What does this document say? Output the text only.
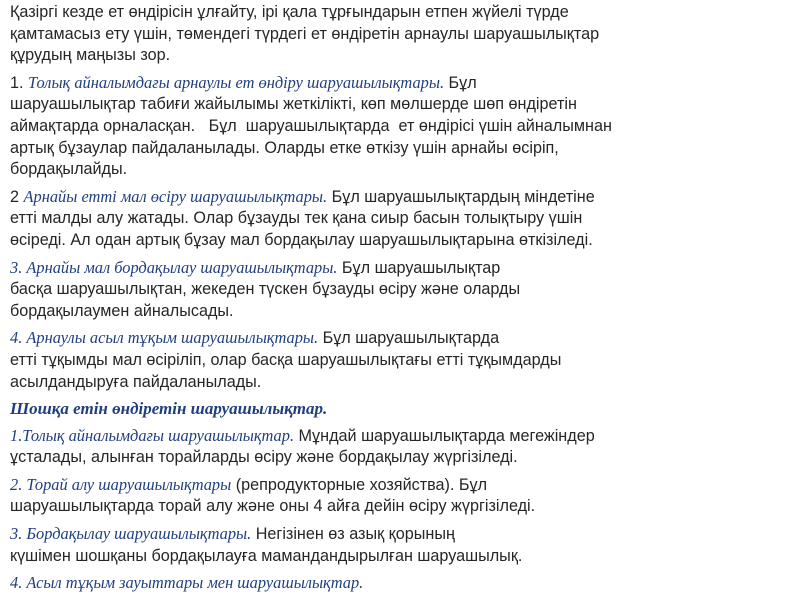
Қазіргі кезде ет өндірісін ұлғайту, ірі қала тұрғындарын етпен жүйелі түрде
қамтамасыз ету үшін, төмендегі түрдегі ет өндіретін арнаулы шаруашылықтар
құрудың маңызы зор.
1. Толық айналымдағы арнаулы ет өндіру шаруашылықтары. Бұл
шаруашылықтар табиғи жайылымы жеткілікті, көп мөлшерде шөп өндіретін
аймақтарда орналасқан.   Бұл  шаруашылықтарда  ет өндірісі үшін айналымнан
артық бұзаулар пайдаланылады. Оларды етке өткізу үшін арнайы өсіріп,
бордақылайды.
2 Арнайы етті мал өсіру шаруашылықтары. Бұл шаруашылықтардың міндетіне
етті малды алу жатады. Олар бұзауды тек қана сиыр басын толықтыру үшін
өсіреді. Ал одан артық бұзау мал бордақылау шаруашылықтарына өткізіледі.
3. Арнайы мал бордақылау шаруашылықтары. Бұл шаруашылықтар
басқа шаруашылықтан, жекеден түскен бұзауды өсіру және оларды
бордақылаумен айналысады.
4. Арнаулы асыл тұқым шаруашылықтары. Бұл шаруашылықтарда
етті тұқымды мал өсіріліп, олар басқа шаруашылықтағы етті тұқымдарды
асылдандыруға пайдаланылады.
Шошқа етін өндіретін шаруашылықтар.
1.Толық айналымдағы шаруашылықтар. Мұндай шаруашылықтарда мегежіндер
ұсталады, алынған торайларды өсіру және бордақылау жүргізіледі.
2. Торай алу шаруашылықтары (репродукторные хозяйства). Бұл
шаруашылықтарда торай алу және оны 4 айға дейін өсіру жүргізіледі.
3. Бордақылау шаруашылықтары. Негізінен өз азық қорының
күшімен шошқаны бордақылауға мамандандырылған шаруашылық.
4. Асыл тұқым зауыттары мен шаруашылықтар.
